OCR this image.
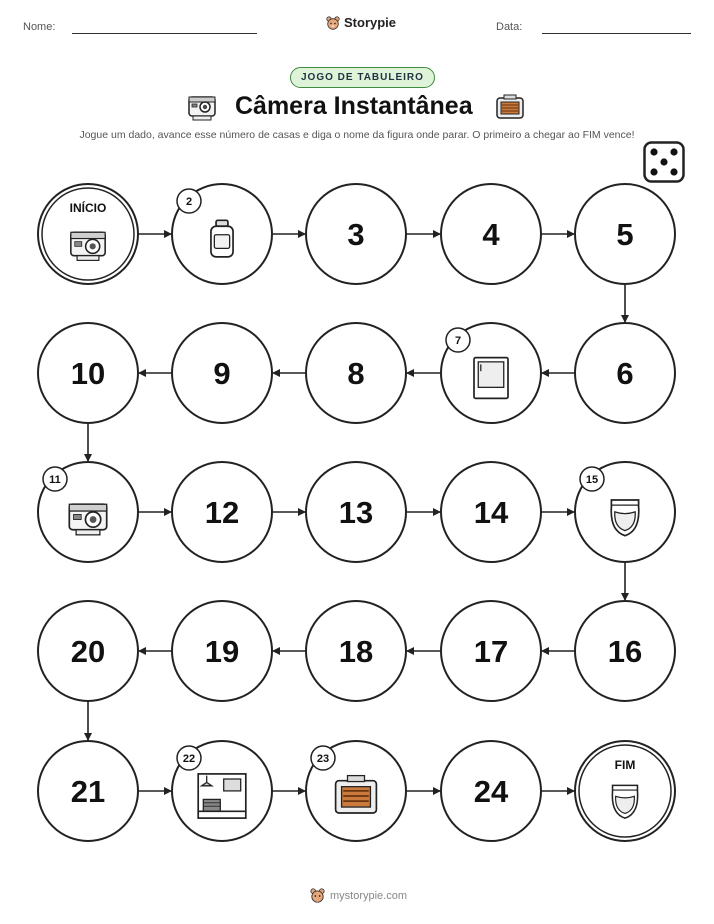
Nome:	Storypie	Data:
JOGO DE TABULEIRO
Câmera Instantânea
Jogue um dado, avance esse número de casas e diga o nome da figura onde parar. O primeiro a chegar ao FIM vence!
INÍCIO	2
3	4	5
6
7
8
9
10
11
12	13	14
15
16
17
18
19
20
21
22	23
24
FIM
mystorypie.com
